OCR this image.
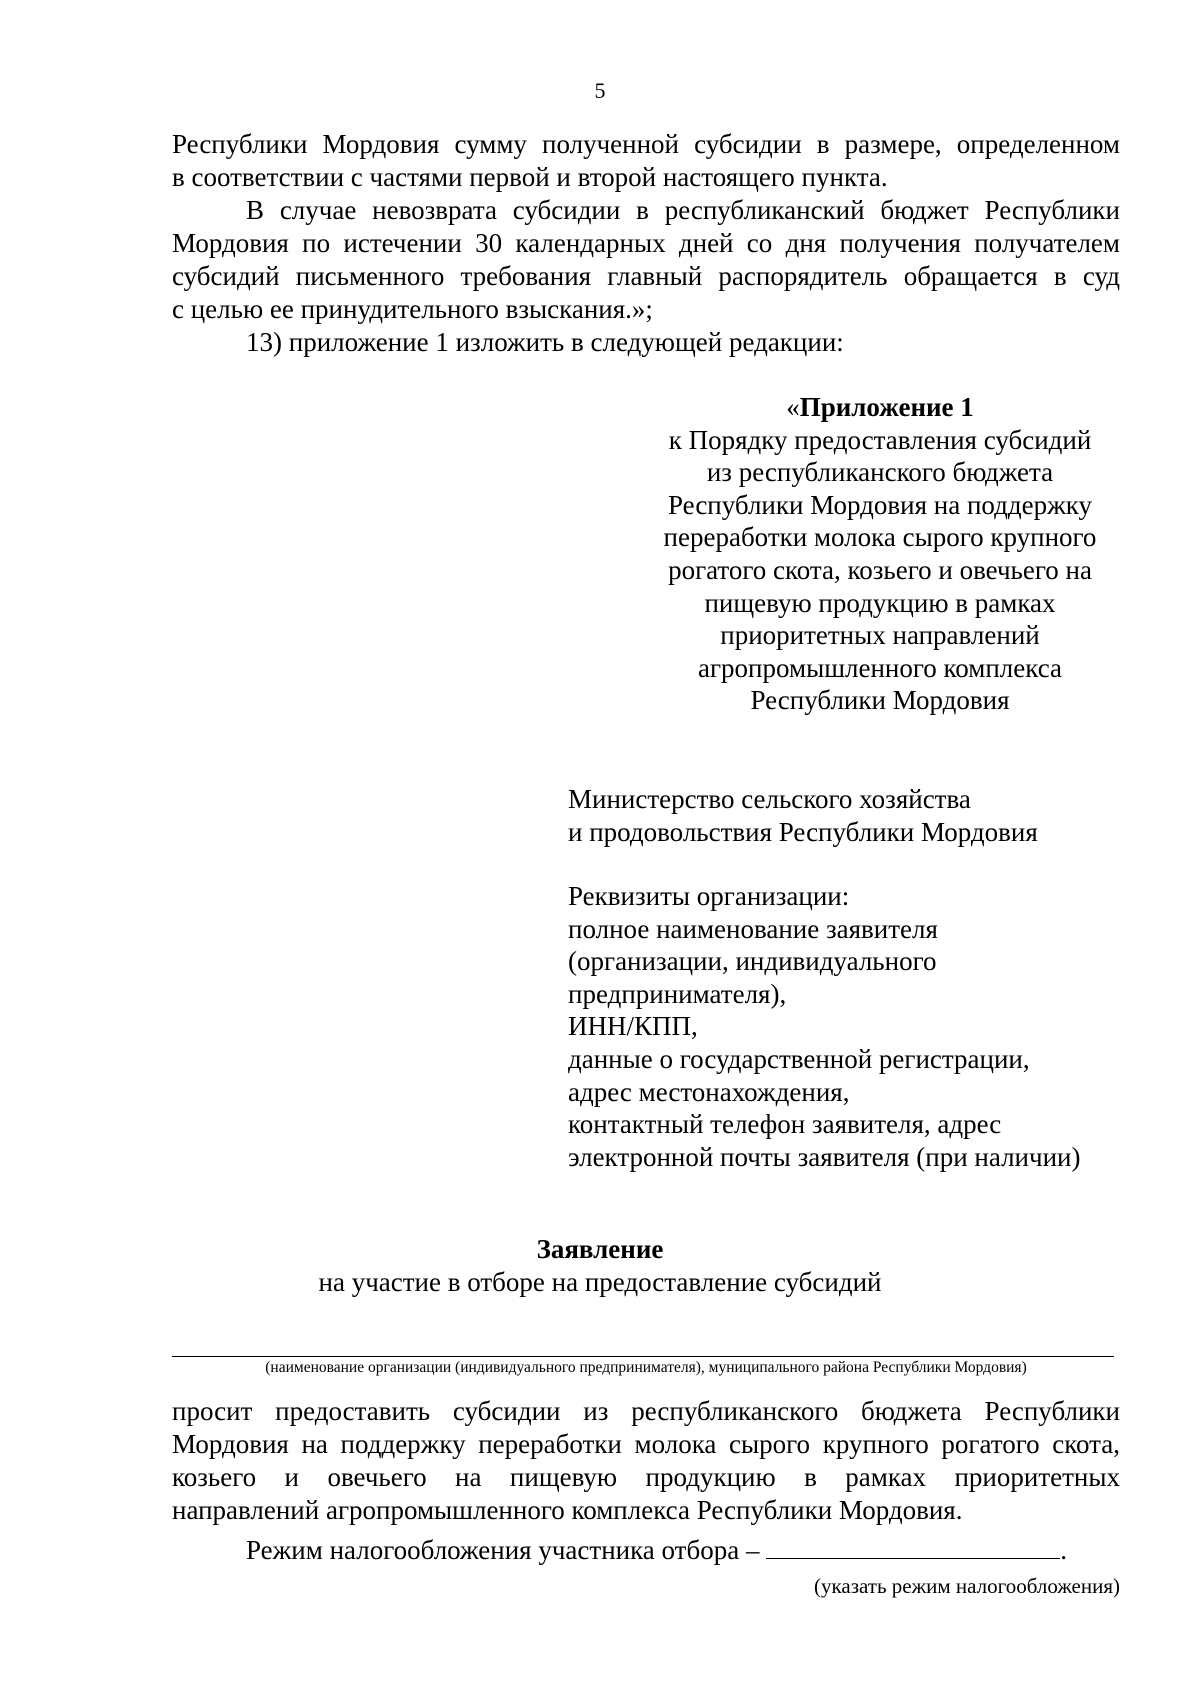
5

Республики Мордовия сумму полученной субсидии в размере, определенном

в соответствии с частями первой и второй настоящего пункта.

В случае невозврата субсидии в республиканский бюджет Республики

Мордовия по истечении 30 календарных дней со дня получения получателем

субсидий письменного требования главный распорядитель обращается в суд

с целью ее принудительного взыскания.»;

13) приложение 1 изложить в следующей редакции:

«Приложение 1
к Порядку предоставления субсидий
из республиканского бюджета
Республики Мордовия на поддержку
переработки молока сырого крупного
рогатого скота, козьего и овечьего на
пищевую продукцию в рамках
приоритетных направлений
агропромышленного комплекса
Республики Мордовия
Министерство сельского хозяйства
и продовольствия Республики Мордовия
Реквизиты организации:
полное наименование заявителя
(организации, индивидуального
предпринимателя),
ИНН/КПП,
данные о государственной регистрации,
адрес местонахождения,
контактный телефон заявителя, адрес
электронной почты заявителя (при наличии)
Заявление
на участие в отборе на предоставление субсидий
(наименование организации (индивидуального предпринимателя), муниципального района Республики Мордовия)

просит предоставить субсидии из республиканского бюджета Республики

Мордовия на поддержку переработки молока сырого крупного рогатого скота,

козьего и овечьего на пищевую продукцию в рамках приоритетных

направлений агропромышленного комплекса Республики Мордовия.

Режим налогообложения участника отбора –	.
(указать режим налогообложения)
